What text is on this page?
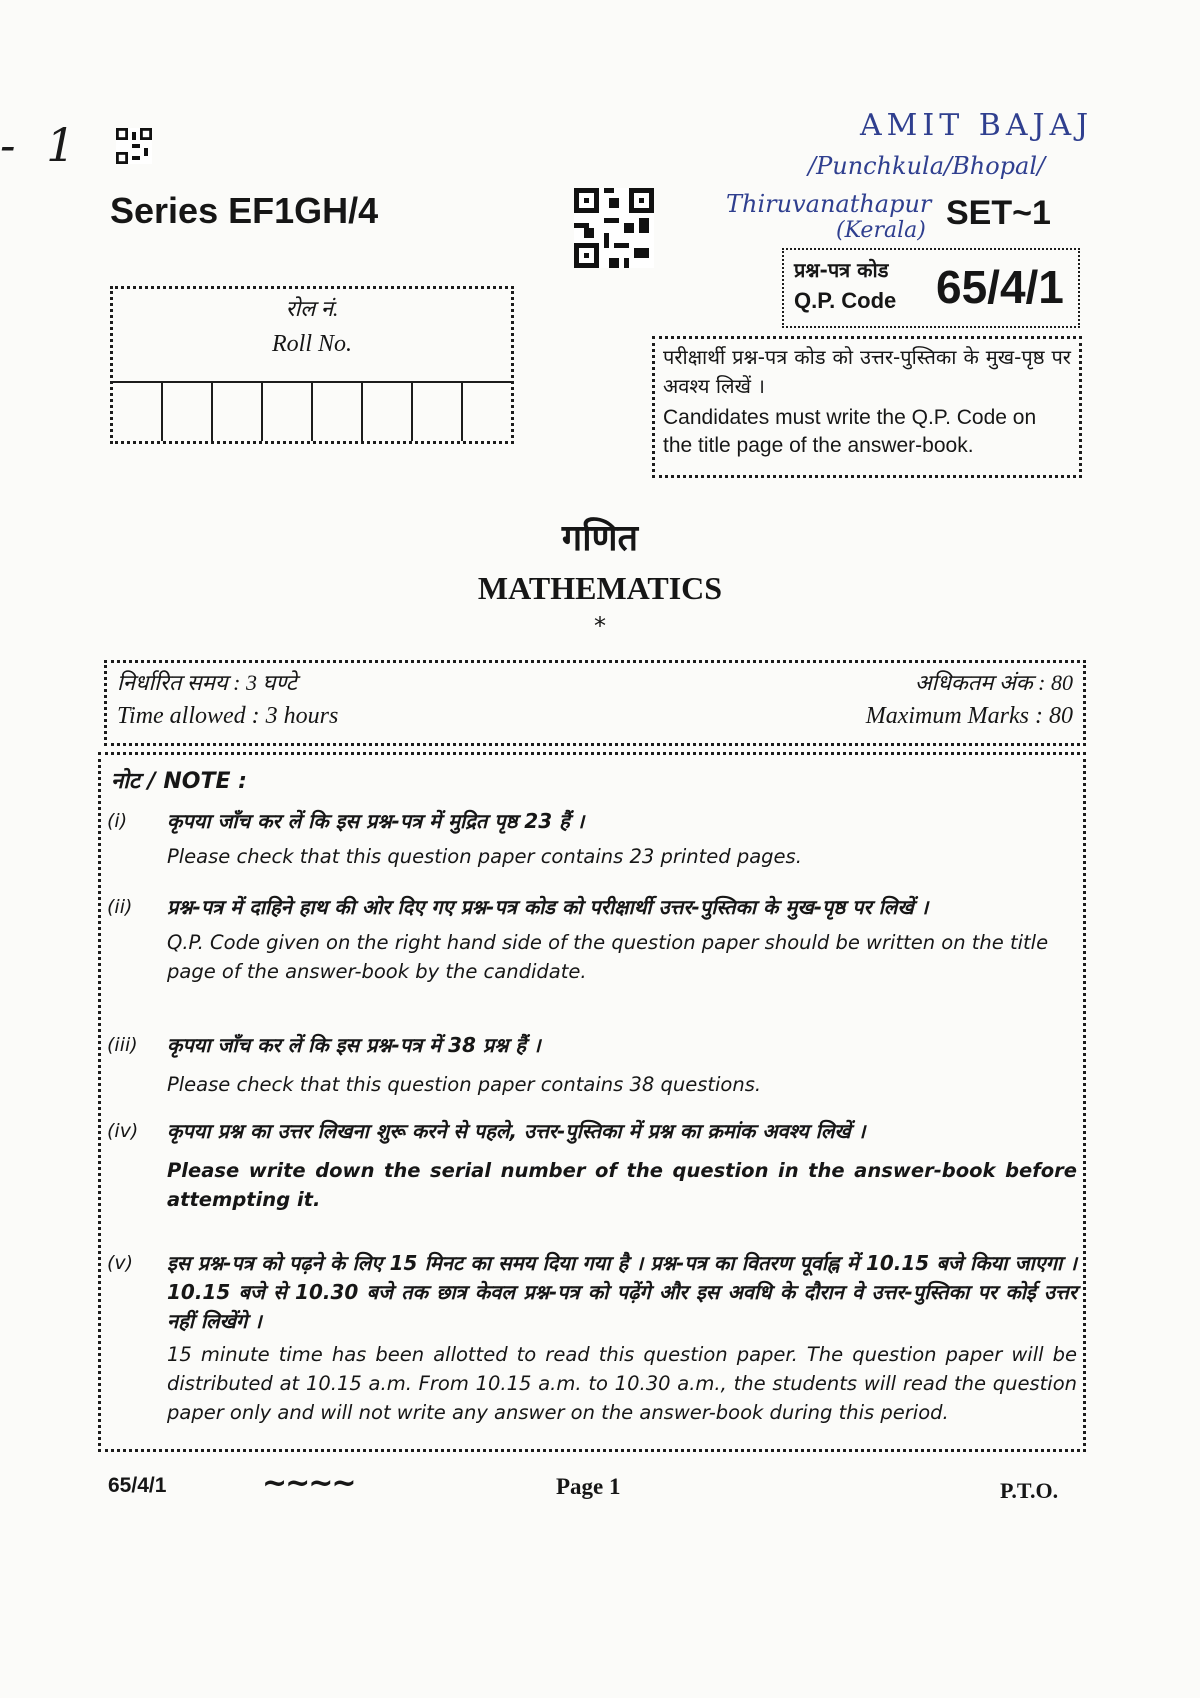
- 1	AMIT BAJAJ
/Punchkula/Bhopal/
Thiruvanathapur
(Kerala)
Series EF1GH/4	SET~1
प्रश्न-पत्र कोड
Q.P. Code 65/4/1
रोल नं.
Roll No.	परीक्षार्थी प्रश्न-पत्र कोड को उत्तर-पुस्तिका के मुख-पृष्ठ पर अवश्य लिखें ।
Candidates must write the Q.P. Code on the title page of the answer-book.
गणित
MATHEMATICS
*
निर्धारित समय : 3 घण्टे
Time allowed : 3 hours
अधिकतम अंक : 80
Maximum Marks : 80
नोट / NOTE :
(i) कृपया जाँच कर लें कि इस प्रश्न-पत्र में मुद्रित पृष्ठ 23 हैं ।
Please check that this question paper contains 23 printed pages.
(ii) प्रश्न-पत्र में दाहिने हाथ की ओर दिए गए प्रश्न-पत्र कोड को परीक्षार्थी उत्तर-पुस्तिका के मुख-पृष्ठ पर लिखें ।
Q.P. Code given on the right hand side of the question paper should be written on the title page of the answer-book by the candidate.
(iii) कृपया जाँच कर लें कि इस प्रश्न-पत्र में 38 प्रश्न हैं ।
Please check that this question paper contains 38 questions.
(iv) कृपया प्रश्न का उत्तर लिखना शुरू करने से पहले, उत्तर-पुस्तिका में प्रश्न का क्रमांक अवश्य लिखें ।
Please write down the serial number of the question in the answer-book before attempting it.
(v) इस प्रश्न-पत्र को पढ़ने के लिए 15 मिनट का समय दिया गया है । प्रश्न-पत्र का वितरण पूर्वाह्न में 10.15 बजे किया जाएगा । 10.15 बजे से 10.30 बजे तक छात्र केवल प्रश्न-पत्र को पढ़ेंगे और इस अवधि के दौरान वे उत्तर-पुस्तिका पर कोई उत्तर नहीं लिखेंगे ।
15 minute time has been allotted to read this question paper. The question paper will be distributed at 10.15 a.m. From 10.15 a.m. to 10.30 a.m., the students will read the question paper only and will not write any answer on the answer-book during this period.
65/4/1	~~~~	Page 1	P.T.O.
